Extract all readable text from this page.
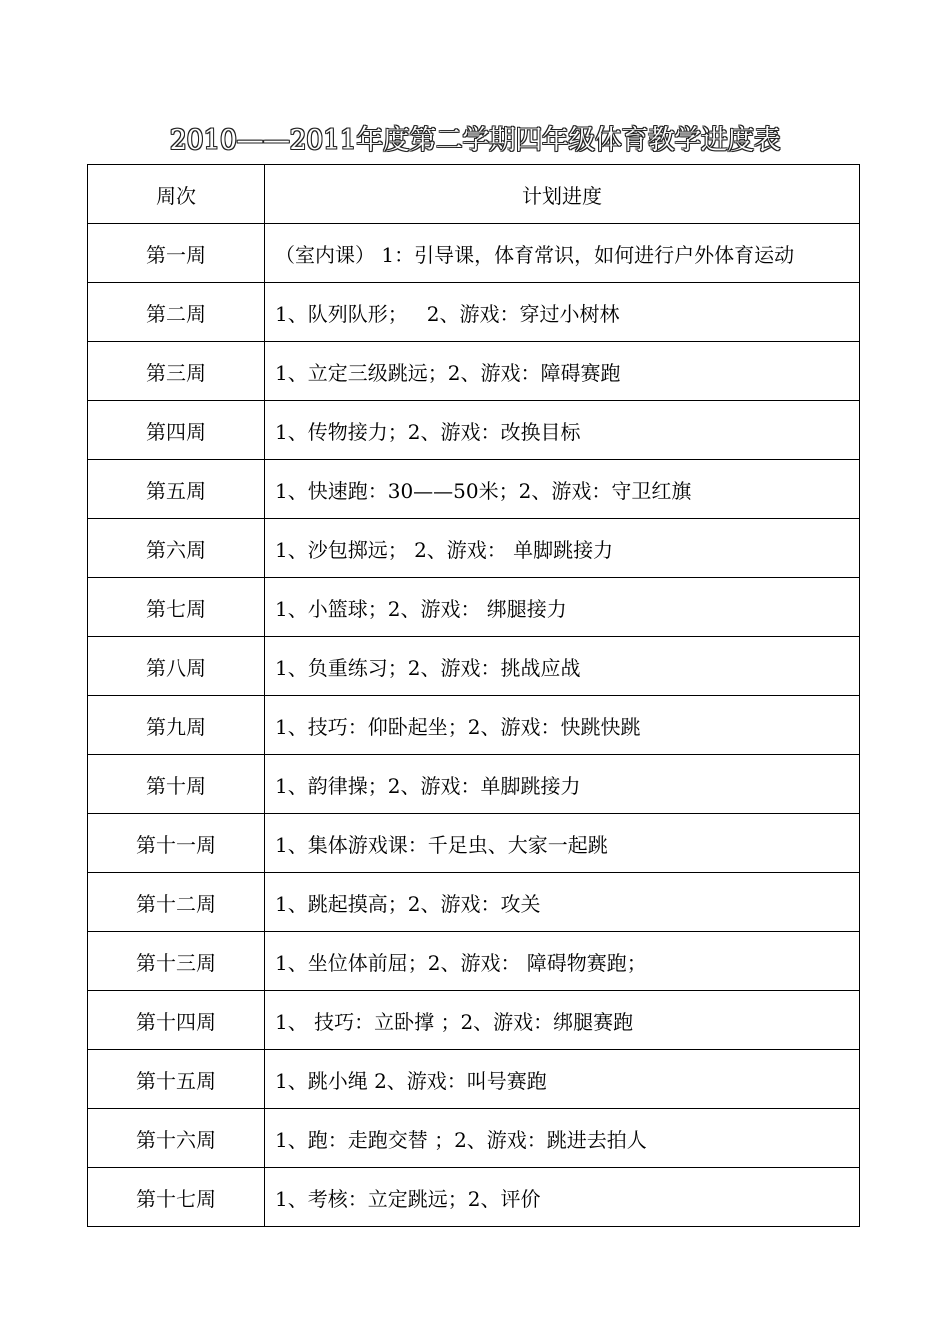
2010——2011年度第二学期四年级体育教学进度表
周次	计划进度
第一周	（室内课） 1：引导课，体育常识，如何进行户外体育运动
第二周	1、队列队形；   2、游戏：穿过小树林
第三周	1、立定三级跳远；2、游戏：障碍赛跑
第四周	1、传物接力；2、游戏：改换目标
第五周	1、快速跑：30——50米；2、游戏：守卫红旗
第六周	1、沙包掷远； 2、游戏： 单脚跳接力
第七周	1、小篮球；2、游戏： 绑腿接力
第八周	1、负重练习；2、游戏：挑战应战
第九周	1、技巧：仰卧起坐；2、游戏：快跳快跳
第十周	1、韵律操；2、游戏：单脚跳接力
第十一周	1、集体游戏课：千足虫、大家一起跳
第十二周	1、跳起摸高；2、游戏：攻关
第十三周	1、坐位体前屈；2、游戏： 障碍物赛跑；
第十四周	1、 技巧：立卧撑 ；2、游戏：绑腿赛跑
第十五周	1、跳小绳 2、游戏：叫号赛跑
第十六周	1、跑：走跑交替 ；2、游戏：跳进去拍人
第十七周	1、考核：立定跳远；2、评价
